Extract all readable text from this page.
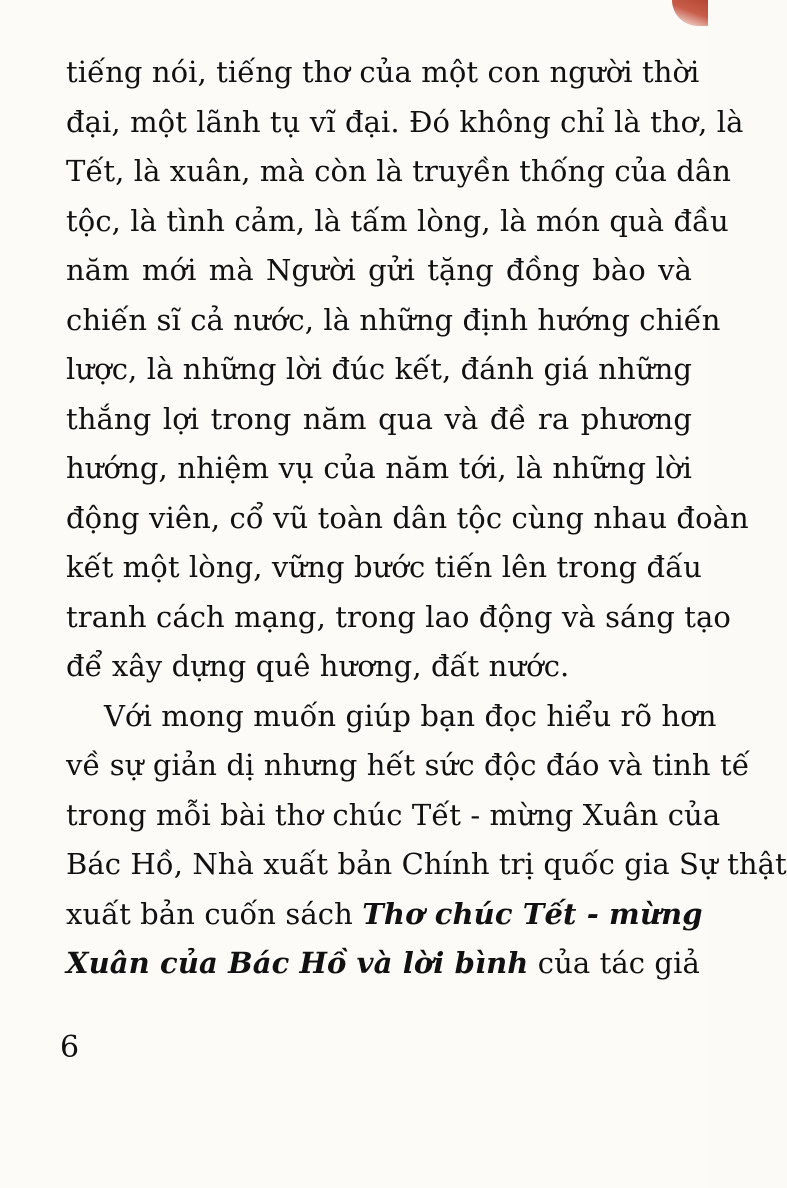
tiếng nói, tiếng thơ của một con người thời
đại, một lãnh tụ vĩ đại. Đó không chỉ là thơ, là
Tết, là xuân, mà còn là truyền thống của dân
tộc, là tình cảm, là tấm lòng, là món quà đầu
năm mới mà Người gửi tặng đồng bào và
chiến sĩ cả nước, là những định hướng chiến
lược, là những lời đúc kết, đánh giá những
thắng lợi trong năm qua và đề ra phương
hướng, nhiệm vụ của năm tới, là những lời
động viên, cổ vũ toàn dân tộc cùng nhau đoàn
kết một lòng, vững bước tiến lên trong đấu
tranh cách mạng, trong lao động và sáng tạo
để xây dựng quê hương, đất nước.
Với mong muốn giúp bạn đọc hiểu rõ hơn
về sự giản dị nhưng hết sức độc đáo và tinh tế
trong mỗi bài thơ chúc Tết - mừng Xuân của
Bác Hồ, Nhà xuất bản Chính trị quốc gia Sự thật
xuất bản cuốn sách Thơ chúc Tết - mừng
Xuân của Bác Hồ và lời bình của tác giả
6
